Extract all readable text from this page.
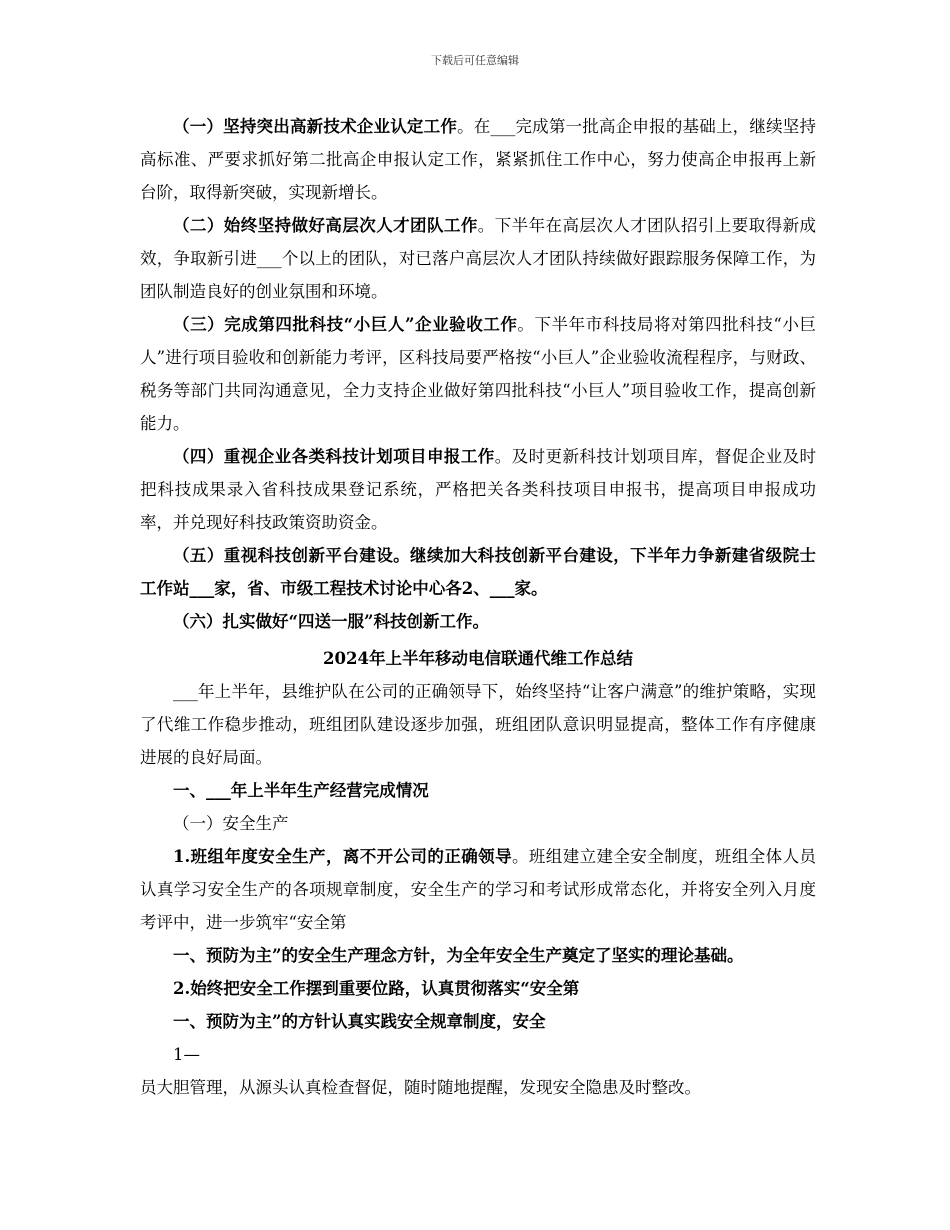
下载后可任意编辑

（一）坚持突出高新技术企业认定工作。在___完成第一批高企申报的基础上，继续坚持高标准、严要求抓好第二批高企申报认定工作，紧紧抓住工作中心，努力使高企申报再上新台阶，取得新突破，实现新增长。

（二）始终坚持做好高层次人才团队工作。下半年在高层次人才团队招引上要取得新成效，争取新引进___个以上的团队，对已落户高层次人才团队持续做好跟踪服务保障工作，为团队制造良好的创业氛围和环境。

（三）完成第四批科技“小巨人”企业验收工作。下半年市科技局将对第四批科技“小巨人”进行项目验收和创新能力考评，区科技局要严格按“小巨人”企业验收流程程序，与财政、税务等部门共同沟通意见，全力支持企业做好第四批科技“小巨人”项目验收工作，提高创新能力。

（四）重视企业各类科技计划项目申报工作。及时更新科技计划项目库，督促企业及时把科技成果录入省科技成果登记系统，严格把关各类科技项目申报书，提高项目申报成功率，并兑现好科技政策资助资金。

（五）重视科技创新平台建设。继续加大科技创新平台建设，下半年力争新建省级院士工作站___家，省、市级工程技术讨论中心各2、___家。

（六）扎实做好“四送一服”科技创新工作。

2024年上半年移动电信联通代维工作总结

___年上半年，县维护队在公司的正确领导下，始终坚持“让客户满意”的维护策略，实现了代维工作稳步推动，班组团队建设逐步加强，班组团队意识明显提高，整体工作有序健康进展的良好局面。

一、___年上半年生产经营完成情况

（一）安全生产

1.班组年度安全生产，离不开公司的正确领导。班组建立建全安全制度，班组全体人员认真学习安全生产的各项规章制度，安全生产的学习和考试形成常态化，并将安全列入月度考评中，进一步筑牢“安全第

一、预防为主”的安全生产理念方针，为全年安全生产奠定了坚实的理论基础。

2.始终把安全工作摆到重要位路，认真贯彻落实“安全第

一、预防为主”的方针认真实践安全规章制度，安全

1—

员大胆管理，从源头认真检查督促，随时随地提醒，发现安全隐患及时整改。
